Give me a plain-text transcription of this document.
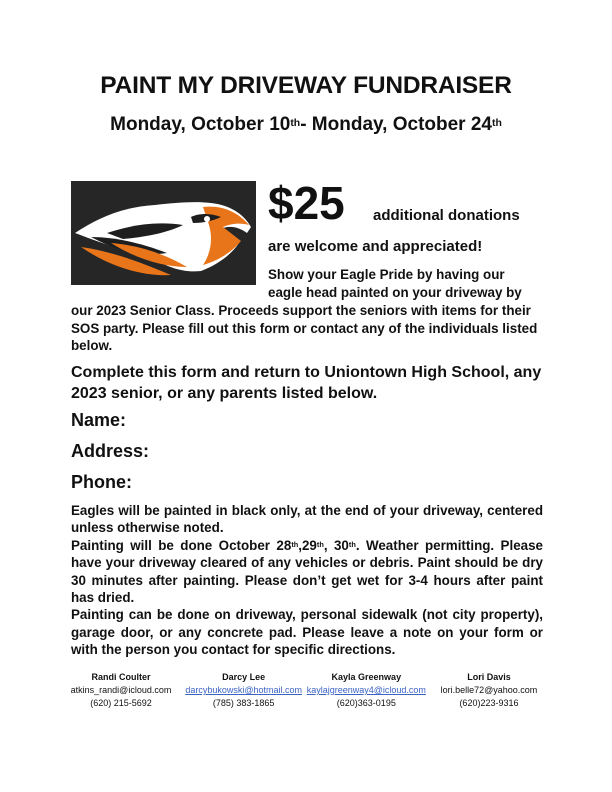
PAINT MY DRIVEWAY FUNDRAISER
Monday, October 10th- Monday, October 24th
$25 additional donations
are welcome and appreciated!
Show your Eagle Pride by having our
eagle head painted on your driveway by
our 2023 Senior Class. Proceeds support the seniors with items for their SOS party. Please fill out this form or contact any of the individuals listed below.
Complete this form and return to Uniontown High School, any 2023 senior, or any parents listed below.
Name:
Address:
Phone:

Eagles will be painted in black only, at the end of your driveway, centered unless otherwise noted.

Painting will be done October 28th,29th, 30th. Weather permitting. Please have your driveway cleared of any vehicles or debris. Paint should be dry 30 minutes after painting. Please don’t get wet for 3-4 hours after paint has dried.

Painting can be done on driveway, personal sidewalk (not city property), garage door, or any concrete pad. Please leave a note on your form or with the person you contact for specific directions.

Randi Coulter
atkins_randi@icloud.com
(620) 215-5692
Darcy Lee
darcybukowski@hotmail.com
(785) 383-1865
Kayla Greenway
kaylajgreenway4@icloud.com
(620)363-0195
Lori Davis
lori.belle72@yahoo.com
(620)223-9316
